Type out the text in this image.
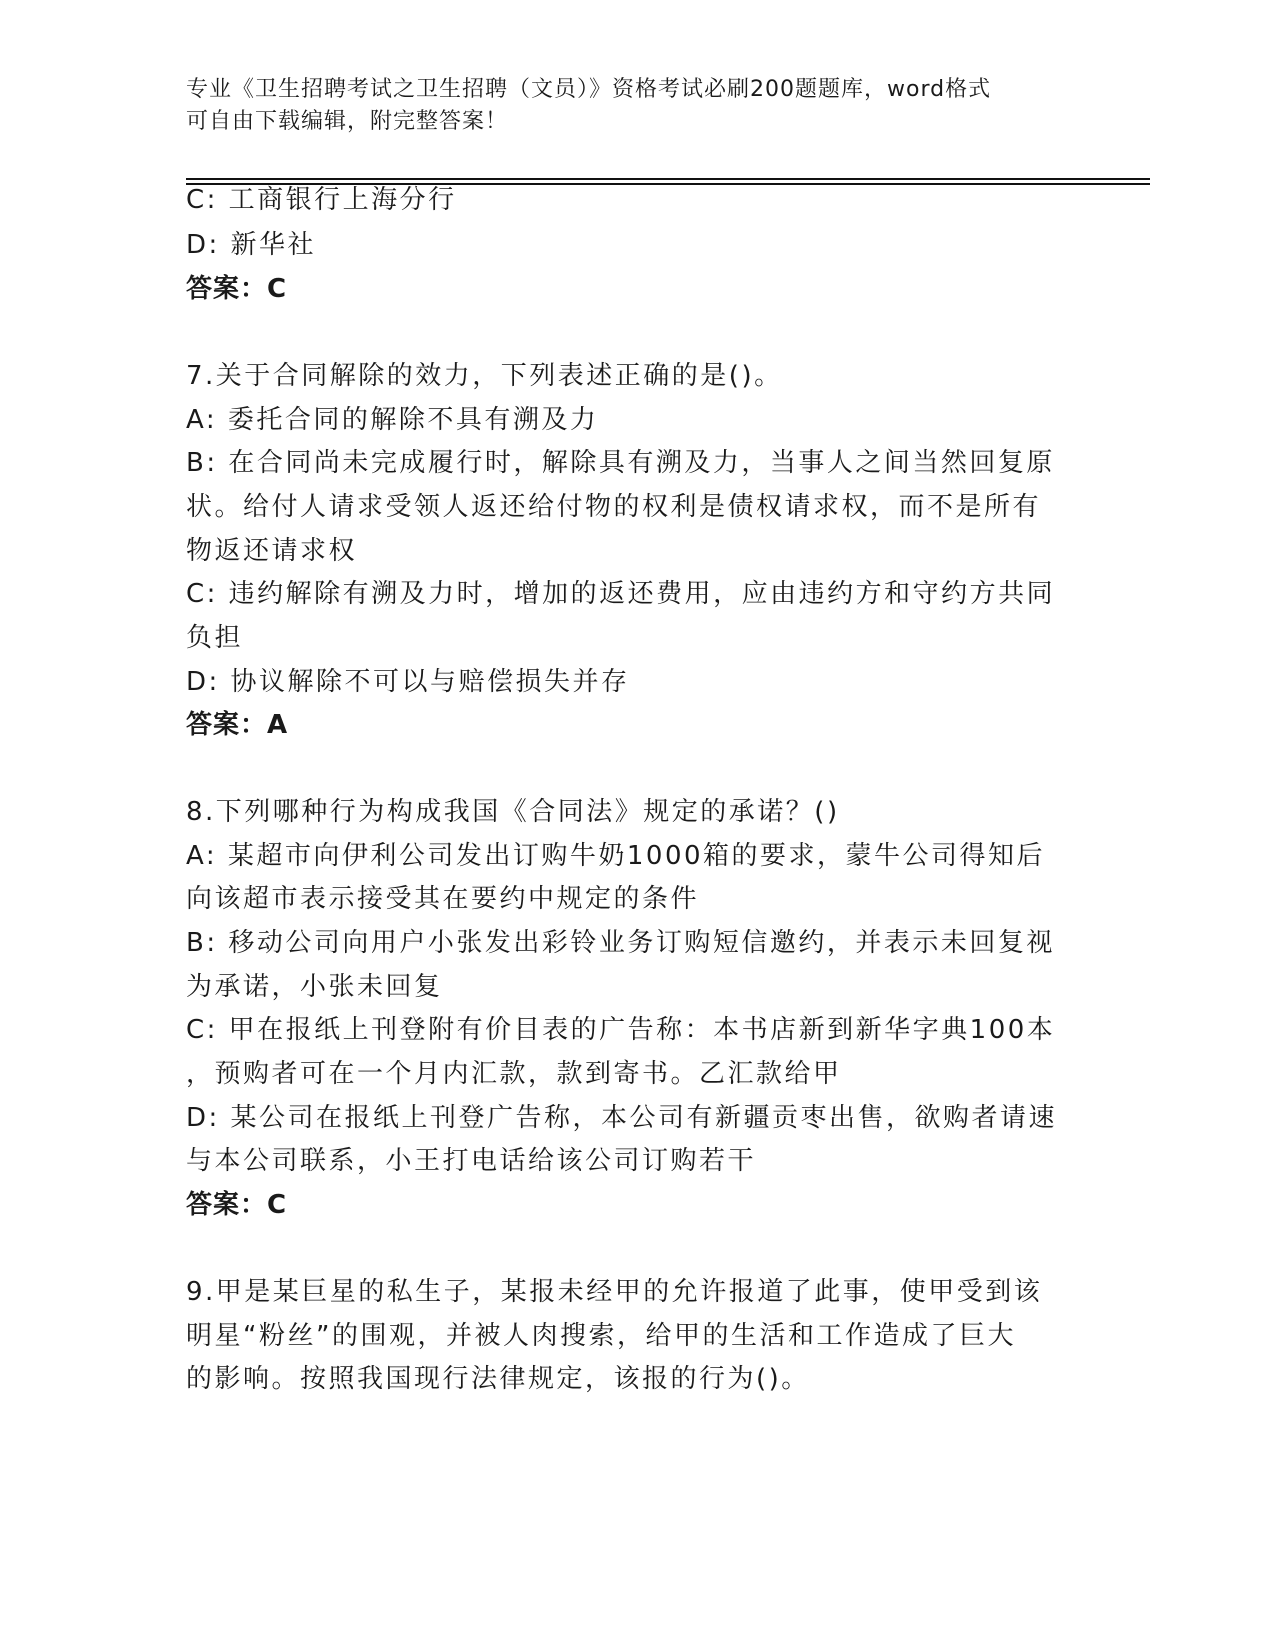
专业《卫生招聘考试之卫生招聘（文员）》资格考试必刷200题题库，word格式
可自由下载编辑，附完整答案！
C: 工商银行上海分行
D: 新华社
答案：C
7.关于合同解除的效力，下列表述正确的是()。
A: 委托合同的解除不具有溯及力
B: 在合同尚未完成履行时，解除具有溯及力，当事人之间当然回复原
状。给付人请求受领人返还给付物的权利是债权请求权，而不是所有
物返还请求权
C: 违约解除有溯及力时，增加的返还费用，应由违约方和守约方共同
负担
D: 协议解除不可以与赔偿损失并存
答案：A
8.下列哪种行为构成我国《合同法》规定的承诺？()
A: 某超市向伊利公司发出订购牛奶1000箱的要求，蒙牛公司得知后
向该超市表示接受其在要约中规定的条件
B: 移动公司向用户小张发出彩铃业务订购短信邀约，并表示未回复视
为承诺，小张未回复
C: 甲在报纸上刊登附有价目表的广告称：本书店新到新华字典100本
，预购者可在一个月内汇款，款到寄书。乙汇款给甲
D: 某公司在报纸上刊登广告称，本公司有新疆贡枣出售，欲购者请速
与本公司联系，小王打电话给该公司订购若干
答案：C
9.甲是某巨星的私生子，某报未经甲的允许报道了此事，使甲受到该
明星“粉丝”的围观，并被人肉搜索，给甲的生活和工作造成了巨大
的影响。按照我国现行法律规定，该报的行为()。
